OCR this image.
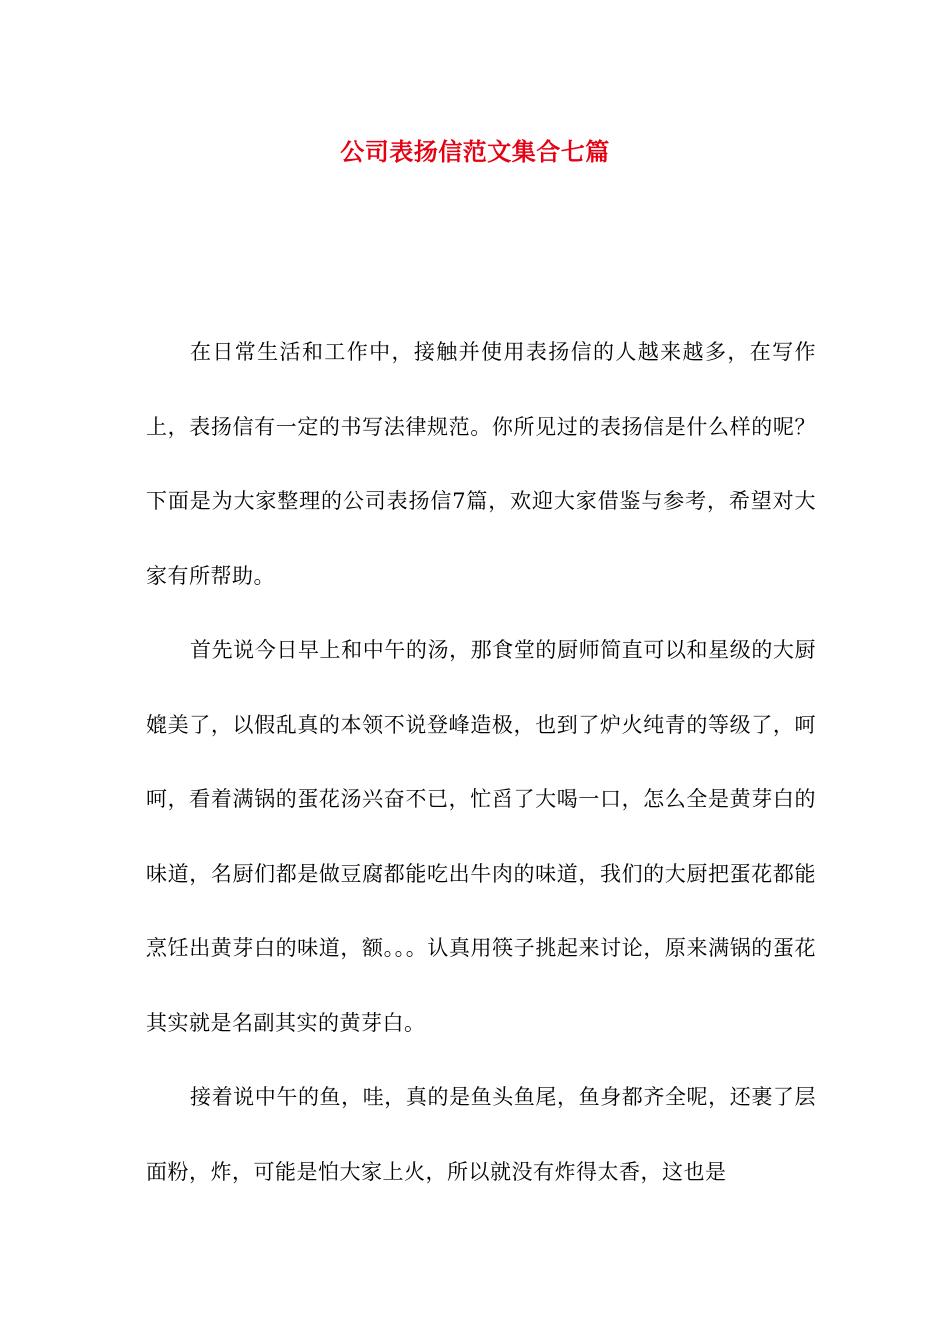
公司表扬信范文集合七篇

在日常生活和工作中，接触并使用表扬信的人越来越多，在写作上，表扬信有一定的书写法律规范。你所见过的表扬信是什么样的呢？下面是为大家整理的公司表扬信7篇，欢迎大家借鉴与参考，希望对大家有所帮助。

首先说今日早上和中午的汤，那食堂的厨师简直可以和星级的大厨媲美了，以假乱真的本领不说登峰造极，也到了炉火纯青的等级了，呵呵，看着满锅的蛋花汤兴奋不已，忙舀了大喝一口，怎么全是黄芽白的味道，名厨们都是做豆腐都能吃出牛肉的味道，我们的大厨把蛋花都能烹饪出黄芽白的味道，额。。。认真用筷子挑起来讨论，原来满锅的蛋花其实就是名副其实的黄芽白。

接着说中午的鱼，哇，真的是鱼头鱼尾，鱼身都齐全呢，还裹了层面粉，炸，可能是怕大家上火，所以就没有炸得太香，这也是
